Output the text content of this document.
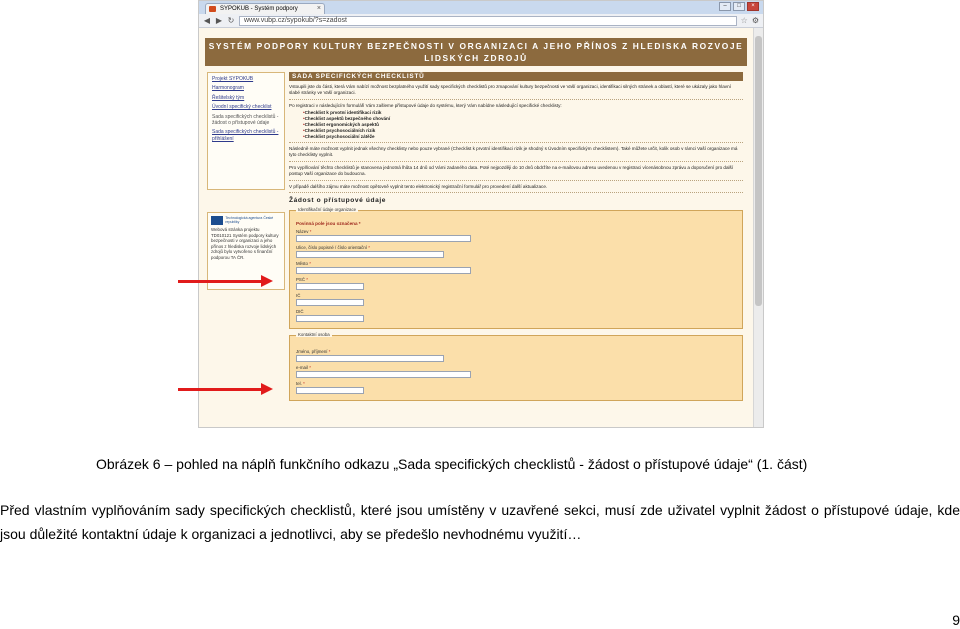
SYPOKUB - Systém podpory	×	–	□	×
◀ ▶ ↻	www.vubp.cz/sypokub/?s=zadost	☆ ⚙
SYSTÉM PODPORY KULTURY BEZPEČNOSTI V ORGANIZACI A JEHO PŘÍNOS Z HLEDISKA ROZVOJE LIDSKÝCH ZDROJŮ

Projekt SYPOKUB

Harmonogram

Řešitelský tým

Úvodní specifický checklist

Sada specifických checklistů - žádost o přístupové údaje

Sada specifických checklistů - přihlášení

Technologická agentura České republiky

Webová stránka projektu TD010121 Systém podpory kultury bezpečnosti v organizaci a jeho přínos z hlediska rozvoje lidských zdrojů bylo vytvořeno s finanční podporou TA ČR.

SADA SPECIFICKÝCH CHECKLISTŮ
Vstoupili jste do části, která Vám nabízí možnost bezplatného využití sady specifických checklistů pro zmapování kultury bezpečnosti ve Vaší organizaci, identifikaci silných stránek a oblastí, které se ukázaly jako hlavní slabé stránky ve Vaší organizaci.
Po registraci v následujícím formuláři Vám zašleme přístupové údaje do systému, který Vám nabídne následující specifické checklisty:
• Checklist k prvotní identifikaci rizik
• Checklist aspektů bezpečného chování
• Checklist ergonomických aspektů
• Checklist psychosociálních rizik
• Checklist psychosociální zátěže
Následně máte možnost vyplnit jednak všechny checklisty nebo pouze vybrané (Checklist k prvotní identifikaci rizik je shodný s Úvodním specifickým checklistem). Také můžete určit, kolik osob v rámci Vaší organizace má tyto checklisty vyplnit.
Pro vyplňování těchto checklistů je stanovena jednotná lhůta 14 dnů od Vámi zadaného data. Poté nejpozději do 10 dnů obdržíte na e-mailovou adresu uvedenou v registraci vícenásobnou zprávu a doporučení pro další postup Vaší organizace do budoucna.
V případě dalšího zájmu máte možnost opětovně vyplnit tento elektronický registrační formulář pro provedení další aktualizace.
Žádost o přístupové údaje
Identifikační údaje organizace
Povinná pole jsou označena *
Název *
Ulice, číslo popisné / číslo orientační *
Město *
PSČ *
IČ
DIČ
Kontaktní osoba
Jméno, příjmení *
e-mail *
tel. *
Obrázek 6 – pohled na náplň funkčního odkazu „Sada specifických checklistů - žádost o přístupové údaje“ (1. část)
Před vlastním vyplňováním sady specifických checklistů, které jsou umístěny v uzavřené sekci, musí zde uživatel vyplnit žádost o přístupové údaje, kde jsou důležité kontaktní údaje k organizaci a jednotlivci, aby se předešlo nevhodnému využití…
9
